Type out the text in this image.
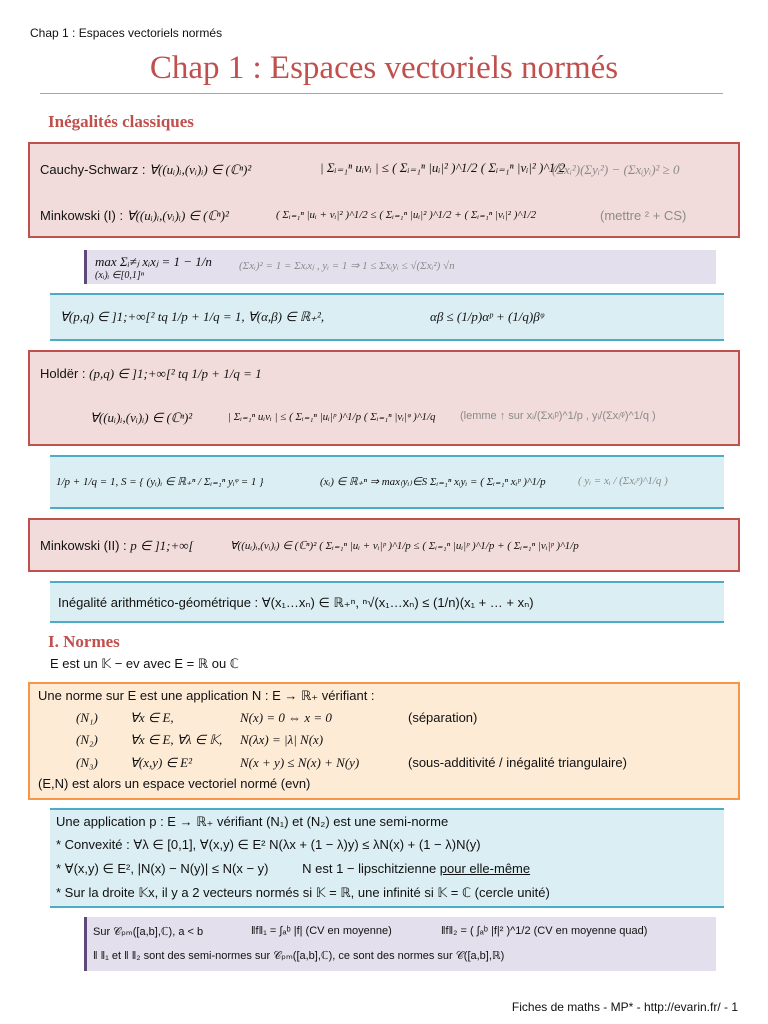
Chap 1 : Espaces vectoriels normés
Chap 1 : Espaces vectoriels normés
Inégalités classiques
Cauchy-Schwarz : ∀((uᵢ)ᵢ,(vᵢ)ᵢ) ∈ (ℂⁿ)²	| Σᵢ₌₁ⁿ uᵢvᵢ | ≤ ( Σᵢ₌₁ⁿ |uᵢ|² )^1/2 ( Σᵢ₌₁ⁿ |vᵢ|² )^1/2
(Σxᵢ²)(Σyᵢ²) − (Σxᵢyᵢ)² ≥ 0
Minkowski (I) : ∀((uᵢ)ᵢ,(vᵢ)ᵢ) ∈ (ℂⁿ)²	( Σᵢ₌₁ⁿ |uᵢ + vᵢ|² )^1/2 ≤ ( Σᵢ₌₁ⁿ |uᵢ|² )^1/2 + ( Σᵢ₌₁ⁿ |vᵢ|² )^1/2	(mettre ² + CS)
max Σᵢ≠ⱼ xᵢxⱼ = 1 − 1/n
(xᵢ)ᵢ ∈[0,1]ⁿ
(Σxᵢ)² = 1 = Σxᵢxⱼ , yᵢ = 1 ⇒ 1 ≤ Σxᵢyᵢ ≤ √(Σxᵢ²) √n
∀(p,q) ∈ ]1;+∞[² tq 1/p + 1/q = 1, ∀(α,β) ∈ ℝ₊²,	αβ ≤ (1/p)αᵖ + (1/q)βᵠ
Holdër : (p,q) ∈ ]1;+∞[² tq 1/p + 1/q = 1
∀((uᵢ)ᵢ,(vᵢ)ᵢ) ∈ (ℂⁿ)²	| Σᵢ₌₁ⁿ uᵢvᵢ | ≤ ( Σᵢ₌₁ⁿ |uᵢ|ᵖ )^1/p ( Σᵢ₌₁ⁿ |vᵢ|ᵠ )^1/q (lemme ↑ sur xᵢ/(Σxᵢᵖ)^1/p , yᵢ/(Σxᵢᵠ)^1/q )
1/p + 1/q = 1, S = { (yᵢ)ᵢ ∈ ℝ₊ⁿ / Σᵢ₌₁ⁿ yᵢᵠ = 1 }	(xᵢ) ∈ ℝ₊ⁿ ⇒ max₍yᵢ₎∈S Σᵢ₌₁ⁿ xᵢyᵢ = ( Σᵢ₌₁ⁿ xᵢᵖ )^1/p	( yᵢ = xᵢ / (Σxᵢᵖ)^1/q )
Minkowski (II) : p ∈ ]1;+∞[	∀((uᵢ)ᵢ,(vᵢ)ᵢ) ∈ (ℂⁿ)² ( Σᵢ₌₁ⁿ |uᵢ + vᵢ|ᵖ )^1/p ≤ ( Σᵢ₌₁ⁿ |uᵢ|ᵖ )^1/p + ( Σᵢ₌₁ⁿ |vᵢ|ᵖ )^1/p
Inégalité arithmético-géométrique : ∀(x₁…xₙ) ∈ ℝ₊ⁿ, ⁿ√(x₁…xₙ) ≤ (1/n)(x₁ + … + xₙ)
I. Normes
E est un 𝕂 − ev avec E = ℝ ou ℂ
Une norme sur E est une application N : E → ℝ₊ vérifiant :
(N₁) ∀x ∈ E,	N(x) = 0 ⇔ x = 0	(séparation)
(N₂) ∀x ∈ E, ∀λ ∈ 𝕂, N(λx) = |λ| N(x)
(N₃) ∀(x,y) ∈ E²	N(x + y) ≤ N(x) + N(y)	(sous-additivité / inégalité triangulaire)
(E,N) est alors un espace vectoriel normé (evn)
Une application p : E → ℝ₊ vérifiant (N₁) et (N₂) est une semi-norme
* Convexité : ∀λ ∈ [0,1], ∀(x,y) ∈ E² N(λx + (1 − λ)y) ≤ λN(x) + (1 − λ)N(y)
* ∀(x,y) ∈ E², |N(x) − N(y)| ≤ N(x − y)	N est 1 − lipschitzienne pour elle-même
* Sur la droite 𝕂x, il y a 2 vecteurs normés si 𝕂 = ℝ, une infinité si 𝕂 = ℂ (cercle unité)
Sur 𝒞ₚₘ([a,b],ℂ), a < b	‖f‖₁ = ∫ₐᵇ |f| (CV en moyenne)	‖f‖₂ = ( ∫ₐᵇ |f|² )^1/2 (CV en moyenne quad)
‖ ‖₁ et ‖ ‖₂ sont des semi-normes sur 𝒞ₚₘ([a,b],ℂ), ce sont des normes sur 𝒞([a,b],ℝ)
Fiches de maths - MP* - http://evarin.fr/ - 1
